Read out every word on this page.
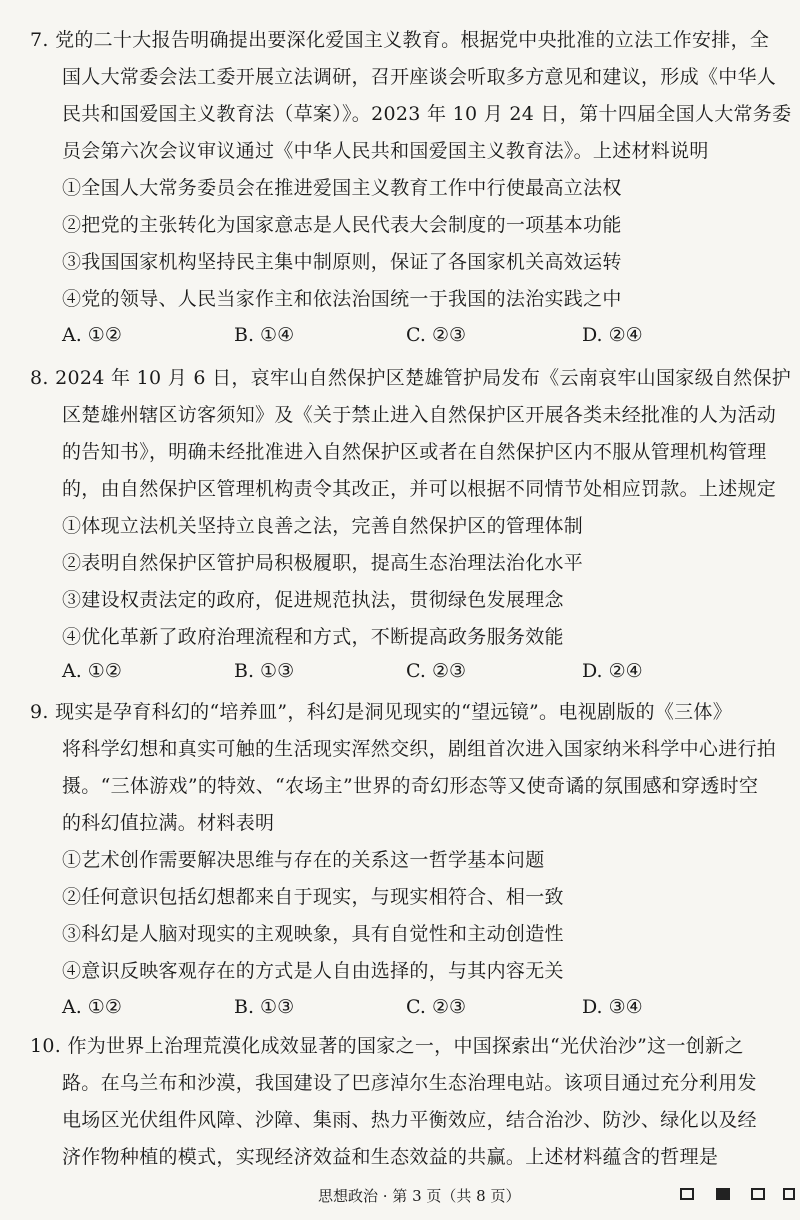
7. 党的二十大报告明确提出要深化爱国主义教育。根据党中央批准的立法工作安排，全
国人大常委会法工委开展立法调研，召开座谈会听取多方意见和建议，形成《中华人
民共和国爱国主义教育法（草案）》。2023 年 10 月 24 日，第十四届全国人大常务委
员会第六次会议审议通过《中华人民共和国爱国主义教育法》。上述材料说明
①全国人大常务委员会在推进爱国主义教育工作中行使最高立法权
②把党的主张转化为国家意志是人民代表大会制度的一项基本功能
③我国国家机构坚持民主集中制原则，保证了各国家机关高效运转
④党的领导、人民当家作主和依法治国统一于我国的法治实践之中
A. ①②	B. ①④	C. ②③	D. ②④
8. 2024 年 10 月 6 日，哀牢山自然保护区楚雄管护局发布《云南哀牢山国家级自然保护
区楚雄州辖区访客须知》及《关于禁止进入自然保护区开展各类未经批准的人为活动
的告知书》，明确未经批准进入自然保护区或者在自然保护区内不服从管理机构管理
的，由自然保护区管理机构责令其改正，并可以根据不同情节处相应罚款。上述规定
①体现立法机关坚持立良善之法，完善自然保护区的管理体制
②表明自然保护区管护局积极履职，提高生态治理法治化水平
③建设权责法定的政府，促进规范执法，贯彻绿色发展理念
④优化革新了政府治理流程和方式，不断提高政务服务效能
A. ①②	B. ①③	C. ②③	D. ②④
9. 现实是孕育科幻的“培养皿”，科幻是洞见现实的“望远镜”。电视剧版的《三体》
将科学幻想和真实可触的生活现实浑然交织，剧组首次进入国家纳米科学中心进行拍
摄。“三体游戏”的特效、“农场主”世界的奇幻形态等又使奇谲的氛围感和穿透时空
的科幻值拉满。材料表明
①艺术创作需要解决思维与存在的关系这一哲学基本问题
②任何意识包括幻想都来自于现实，与现实相符合、相一致
③科幻是人脑对现实的主观映象，具有自觉性和主动创造性
④意识反映客观存在的方式是人自由选择的，与其内容无关
A. ①②	B. ①③	C. ②③	D. ③④
10. 作为世界上治理荒漠化成效显著的国家之一，中国探索出“光伏治沙”这一创新之
路。在乌兰布和沙漠，我国建设了巴彦淖尔生态治理电站。该项目通过充分利用发
电场区光伏组件风障、沙障、集雨、热力平衡效应，结合治沙、防沙、绿化以及经
济作物种植的模式，实现经济效益和生态效益的共赢。上述材料蕴含的哲理是
思想政治 · 第 3 页（共 8 页）
